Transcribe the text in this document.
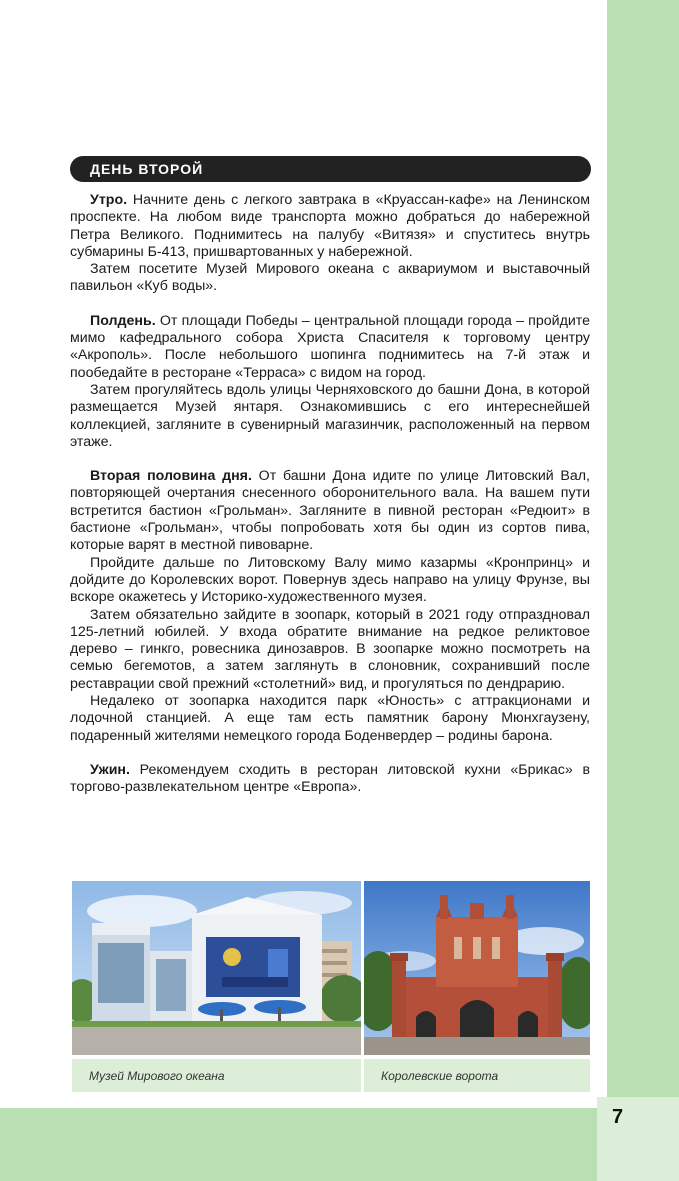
7
ДЕНЬ ВТОРОЙ

Утро. Начните день с легкого завтрака в «Круассан-кафе» на Ленинском проспекте. На любом виде транспорта можно добраться до набережной Петра Великого. Поднимитесь на палубу «Витязя» и спуститесь внутрь субмарины Б-413, пришвартованных у набережной.

Затем посетите Музей Мирового океана с аквариумом и выставочный павильон «Куб воды».

Полдень. От площади Победы – центральной площади города – пройдите мимо кафедрального собора Христа Спасителя к торговому центру «Акрополь». После небольшого шопинга поднимитесь на 7-й этаж и пообедайте в ресторане «Терраса» с видом на город.

Затем прогуляйтесь вдоль улицы Черняховского до башни Дона, в которой размещается Музей янтаря. Ознакомившись с его интереснейшей коллекцией, загляните в сувенирный магазинчик, расположенный на первом этаже.

Вторая половина дня. От башни Дона идите по улице Литовский Вал, повторяющей очертания снесенного оборонительного вала. На вашем пути встретится бастион «Грольман». Загляните в пивной ресторан «Редюит» в бастионе «Грольман», чтобы попробовать хотя бы один из сортов пива, которые варят в местной пивоварне.

Пройдите дальше по Литовскому Валу мимо казармы «Кронпринц» и дойдите до Королевских ворот. Повернув здесь направо на улицу Фрунзе, вы вскоре окажетесь у Историко-художественного музея.

Затем обязательно зайдите в зоопарк, который в 2021 году отпраздновал 125-летний юбилей. У входа обратите внимание на редкое реликтовое дерево – гинкго, ровесника динозавров. В зоопарке можно посмотреть на семью бегемотов, а затем заглянуть в слоновник, сохранивший после реставрации свой прежний «столетний» вид, и прогуляться по дендрарию.

Недалеко от зоопарка находится парк «Юность» с аттракционами и лодочной станцией. А еще там есть памятник барону Мюнхгаузену, подаренный жителями немецкого города Боденвердер – родины барона.

Ужин. Рекомендуем сходить в ресторан литовской кухни «Брикас» в торгово-развлекательном центре «Европа».

Музей Мирового океана	Королевские ворота
